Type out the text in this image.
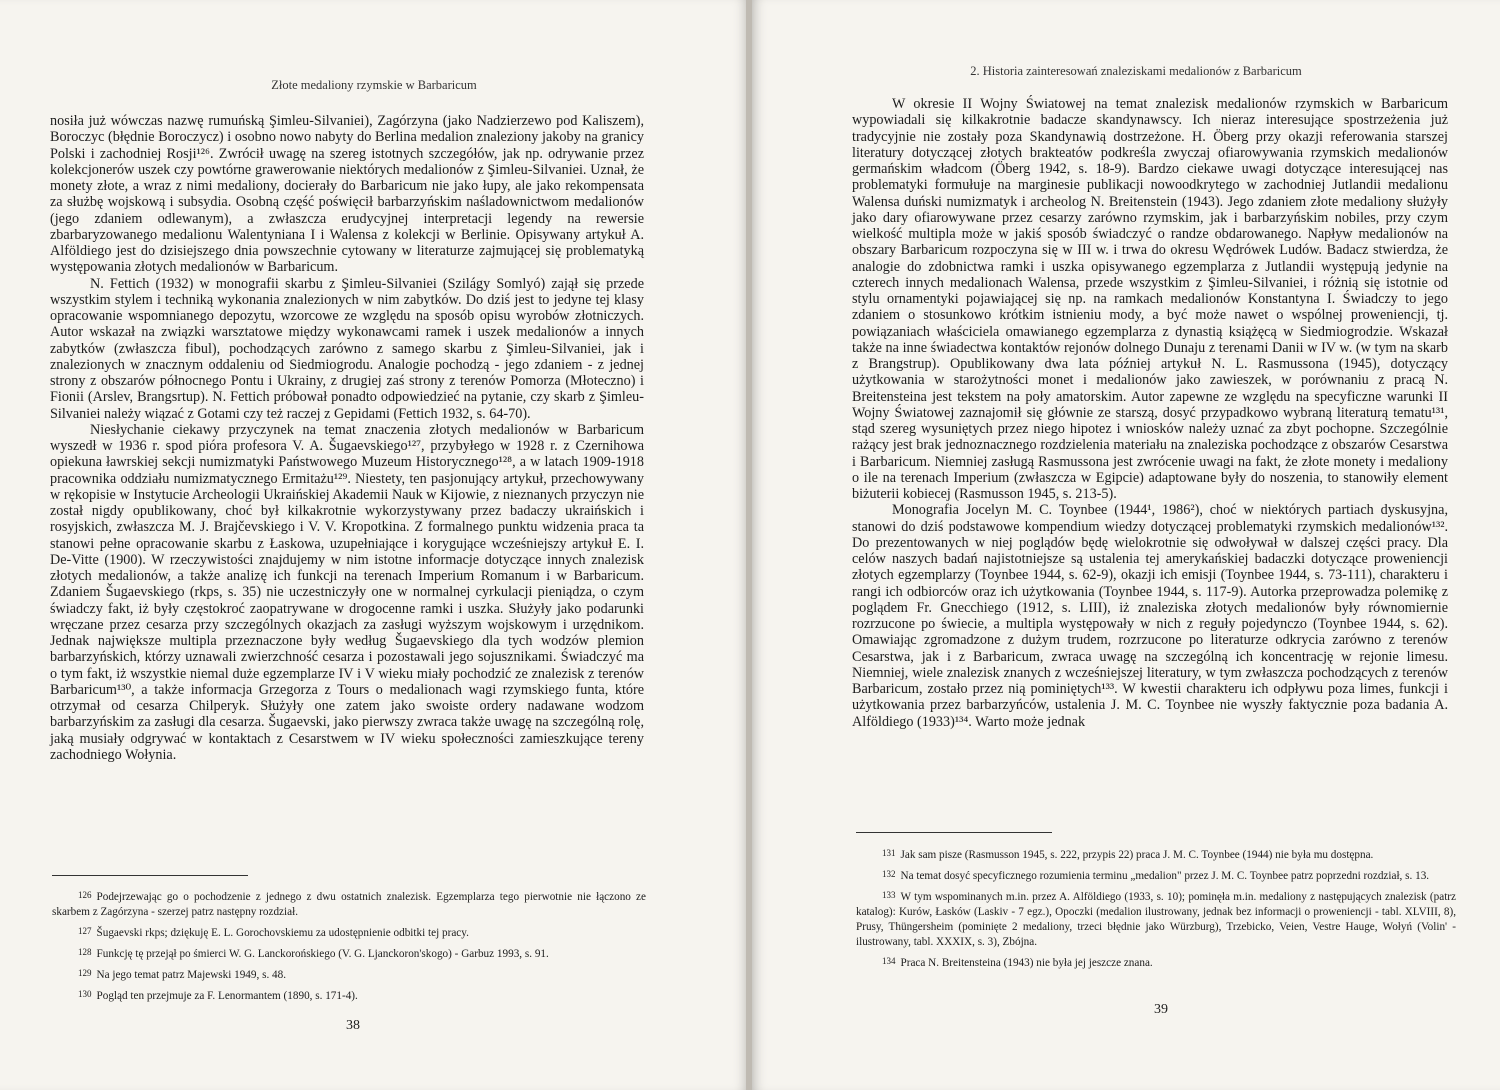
Złote medaliony rzymskie w Barbaricum

nosiła już wówczas nazwę rumuńską Şimleu-Silvaniei), Zagórzyna (jako Nadzierzewo pod Kaliszem), Boroczyc (błędnie Boroczycz) i osobno nowo nabyty do Berlina medalion znaleziony jakoby na granicy Polski i zachodniej Rosji¹²⁶. Zwrócił uwagę na szereg istotnych szczegółów, jak np. odrywanie przez kolekcjonerów uszek czy powtórne grawerowanie niektórych medalionów z Şimleu-Silvaniei. Uznał, że monety złote, a wraz z nimi medaliony, docierały do Barbaricum nie jako łupy, ale jako rekompensata za służbę wojskową i subsydia. Osobną część poświęcił barbarzyńskim naśladownictwom medalionów (jego zdaniem odlewanym), a zwłaszcza erudycyjnej interpretacji legendy na rewersie zbarbaryzowanego medalionu Walentyniana I i Walensa z kolekcji w Berlinie. Opisywany artykuł A. Alföldiego jest do dzisiejszego dnia powszechnie cytowany w literaturze zajmującej się problematyką występowania złotych medalionów w Barbaricum.

N. Fettich (1932) w monografii skarbu z Şimleu-Silvaniei (Szilágy Somlyó) zajął się przede wszystkim stylem i techniką wykonania znalezionych w nim zabytków. Do dziś jest to jedyne tej klasy opracowanie wspomnianego depozytu, wzorcowe ze względu na sposób opisu wyrobów złotniczych. Autor wskazał na związki warsztatowe między wykonawcami ramek i uszek medalionów a innych zabytków (zwłaszcza fibul), pochodzących zarówno z samego skarbu z Şimleu-Silvaniei, jak i znalezionych w znacznym oddaleniu od Siedmiogrodu. Analogie pochodzą - jego zdaniem - z jednej strony z obszarów północnego Pontu i Ukrainy, z drugiej zaś strony z terenów Pomorza (Młoteczno) i Fionii (Arslev, Brangsrtup). N. Fettich próbował ponadto odpowiedzieć na pytanie, czy skarb z Şimleu-Silvaniei należy wiązać z Gotami czy też raczej z Gepidami (Fettich 1932, s. 64-70).

Niesłychanie ciekawy przyczynek na temat znaczenia złotych medalionów w Barbaricum wyszedł w 1936 r. spod pióra profesora V. A. Šugaevskiego¹²⁷, przybyłego w 1928 r. z Czernihowa opiekuna ławrskiej sekcji numizmatyki Państwowego Muzeum Historycznego¹²⁸, a w latach 1909-1918 pracownika oddziału numizmatycznego Ermitażu¹²⁹. Niestety, ten pasjonujący artykuł, przechowywany w rękopisie w Instytucie Archeologii Ukraińskiej Akademii Nauk w Kijowie, z nieznanych przyczyn nie został nigdy opublikowany, choć był kilkakrotnie wykorzystywany przez badaczy ukraińskich i rosyjskich, zwłaszcza M. J. Brajčevskiego i V. V. Kropotkina. Z formalnego punktu widzenia praca ta stanowi pełne opracowanie skarbu z Łaskowa, uzupełniające i korygujące wcześniejszy artykuł E. I. De-Vitte (1900). W rzeczywistości znajdujemy w nim istotne informacje dotyczące innych znalezisk złotych medalionów, a także analizę ich funkcji na terenach Imperium Romanum i w Barbaricum. Zdaniem Šugaevskiego (rkps, s. 35) nie uczestniczyły one w normalnej cyrkulacji pieniądza, o czym świadczy fakt, iż były częstokroć zaopatrywane w drogocenne ramki i uszka. Służyły jako podarunki wręczane przez cesarza przy szczególnych okazjach za zasługi wyższym wojskowym i urzędnikom. Jednak największe multipla przeznaczone były według Šugaevskiego dla tych wodzów plemion barbarzyńskich, którzy uznawali zwierzchność cesarza i pozostawali jego sojusznikami. Świadczyć ma o tym fakt, iż wszystkie niemal duże egzemplarze IV i V wieku miały pochodzić ze znalezisk z terenów Barbaricum¹³⁰, a także informacja Grzegorza z Tours o medalionach wagi rzymskiego funta, które otrzymał od cesarza Chilperyk. Służyły one zatem jako swoiste ordery nadawane wodzom barbarzyńskim za zasługi dla cesarza. Šugaevski, jako pierwszy zwraca także uwagę na szczególną rolę, jaką musiały odgrywać w kontaktach z Cesarstwem w IV wieku społeczności zamieszkujące tereny zachodniego Wołynia.

126 Podejrzewając go o pochodzenie z jednego z dwu ostatnich znalezisk. Egzemplarza tego pierwotnie nie łączono ze skarbem z Zagórzyna - szerzej patrz następny rozdział.

127 Šugaevski rkps; dziękuję E. L. Gorochovskiemu za udostępnienie odbitki tej pracy.

128 Funkcję tę przejął po śmierci W. G. Lanckorońskiego (V. G. Ljanckoron'skogo) - Garbuz 1993, s. 91.

129 Na jego temat patrz Majewski 1949, s. 48.

130 Pogląd ten przejmuje za F. Lenormantem (1890, s. 171-4).

38
2. Historia zainteresowań znaleziskami medalionów z Barbaricum

W okresie II Wojny Światowej na temat znalezisk medalionów rzymskich w Barbaricum wypowiadali się kilkakrotnie badacze skandynawscy. Ich nieraz interesujące spostrzeżenia już tradycyjnie nie zostały poza Skandynawią dostrzeżone. H. Öberg przy okazji referowania starszej literatury dotyczącej złotych brakteatów podkreśla zwyczaj ofiarowywania rzymskich medalionów germańskim władcom (Öberg 1942, s. 18-9). Bardzo ciekawe uwagi dotyczące interesującej nas problematyki formułuje na marginesie publikacji nowoodkrytego w zachodniej Jutlandii medalionu Walensa duński numizmatyk i archeolog N. Breitenstein (1943). Jego zdaniem złote medaliony służyły jako dary ofiarowywane przez cesarzy zarówno rzymskim, jak i barbarzyńskim nobiles, przy czym wielkość multipla może w jakiś sposób świadczyć o randze obdarowanego. Napływ medalionów na obszary Barbaricum rozpoczyna się w III w. i trwa do okresu Wędrówek Ludów. Badacz stwierdza, że analogie do zdobnictwa ramki i uszka opisywanego egzemplarza z Jutlandii występują jedynie na czterech innych medalionach Walensa, przede wszystkim z Şimleu-Silvaniei, i różnią się istotnie od stylu ornamentyki pojawiającej się np. na ramkach medalionów Konstantyna I. Świadczy to jego zdaniem o stosunkowo krótkim istnieniu mody, a być może nawet o wspólnej proweniencji, tj. powiązaniach właściciela omawianego egzemplarza z dynastią książęcą w Siedmiogrodzie. Wskazał także na inne świadectwa kontaktów rejonów dolnego Dunaju z terenami Danii w IV w. (w tym na skarb z Brangstrup). Opublikowany dwa lata później artykuł N. L. Rasmussona (1945), dotyczący użytkowania w starożytności monet i medalionów jako zawieszek, w porównaniu z pracą N. Breitensteina jest tekstem na poły amatorskim. Autor zapewne ze względu na specyficzne warunki II Wojny Światowej zaznajomił się głównie ze starszą, dosyć przypadkowo wybraną literaturą tematu¹³¹, stąd szereg wysuniętych przez niego hipotez i wniosków należy uznać za zbyt pochopne. Szczególnie rażący jest brak jednoznacznego rozdzielenia materiału na znaleziska pochodzące z obszarów Cesarstwa i Barbaricum. Niemniej zasługą Rasmussona jest zwrócenie uwagi na fakt, że złote monety i medaliony o ile na terenach Imperium (zwłaszcza w Egipcie) adaptowane były do noszenia, to stanowiły element biżuterii kobiecej (Rasmusson 1945, s. 213-5).

Monografia Jocelyn M. C. Toynbee (1944¹, 1986²), choć w niektórych partiach dyskusyjna, stanowi do dziś podstawowe kompendium wiedzy dotyczącej problematyki rzymskich medalionów¹³². Do prezentowanych w niej poglądów będę wielokrotnie się odwoływał w dalszej części pracy. Dla celów naszych badań najistotniejsze są ustalenia tej amerykańskiej badaczki dotyczące proweniencji złotych egzemplarzy (Toynbee 1944, s. 62-9), okazji ich emisji (Toynbee 1944, s. 73-111), charakteru i rangi ich odbiorców oraz ich użytkowania (Toynbee 1944, s. 117-9). Autorka przeprowadza polemikę z poglądem Fr. Gnecchiego (1912, s. LIII), iż znaleziska złotych medalionów były równomiernie rozrzucone po świecie, a multipla występowały w nich z reguły pojedynczo (Toynbee 1944, s. 62). Omawiając zgromadzone z dużym trudem, rozrzucone po literaturze odkrycia zarówno z terenów Cesarstwa, jak i z Barbaricum, zwraca uwagę na szczególną ich koncentrację w rejonie limesu. Niemniej, wiele znalezisk znanych z wcześniejszej literatury, w tym zwłaszcza pochodzących z terenów Barbaricum, zostało przez nią pominiętych¹³³. W kwestii charakteru ich odpływu poza limes, funkcji i użytkowania przez barbarzyńców, ustalenia J. M. C. Toynbee nie wyszły faktycznie poza badania A. Alföldiego (1933)¹³⁴. Warto może jednak

131 Jak sam pisze (Rasmusson 1945, s. 222, przypis 22) praca J. M. C. Toynbee (1944) nie była mu dostępna.

132 Na temat dosyć specyficznego rozumienia terminu „medalion" przez J. M. C. Toynbee patrz poprzedni rozdział, s. 13.

133 W tym wspominanych m.in. przez A. Alföldiego (1933, s. 10); pominęła m.in. medaliony z następujących znalezisk (patrz katalog): Kurów, Łasków (Laskiv - 7 egz.), Opoczki (medalion ilustrowany, jednak bez informacji o proweniencji - tabl. XLVIII, 8), Prusy, Thüngersheim (pominięte 2 medaliony, trzeci błędnie jako Würzburg), Trzebicko, Veien, Vestre Hauge, Wołyń (Volin' - ilustrowany, tabl. XXXIX, s. 3), Zbójna.

134 Praca N. Breitensteina (1943) nie była jej jeszcze znana.

39
